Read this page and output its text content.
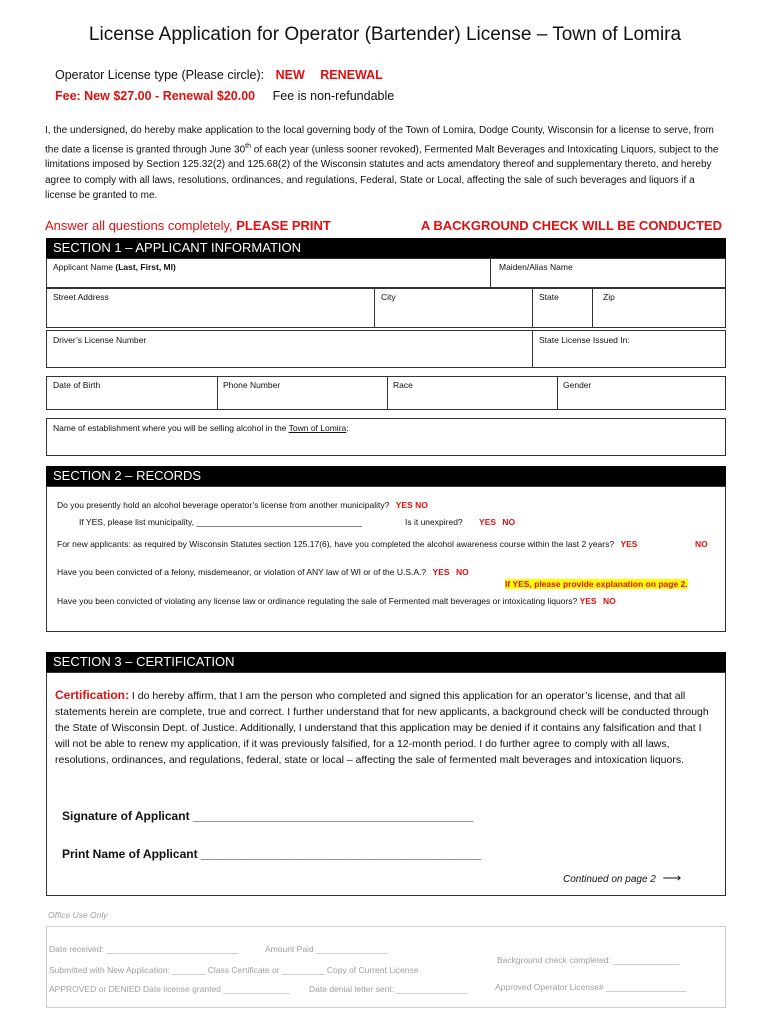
License Application for Operator (Bartender) License – Town of Lomira
Operator License type (Please circle): NEW RENEWAL
Fee: New $27.00 - Renewal $20.00 Fee is non-refundable
I, the undersigned, do hereby make application to the local governing body of the Town of Lomira, Dodge County, Wisconsin for a license to serve, from the date a license is granted through June 30th of each year (unless sooner revoked), Fermented Malt Beverages and Intoxicating Liquors, subject to the limitations imposed by Section 125.32(2) and 125.68(2) of the Wisconsin statutes and acts amendatory thereof and supplementary thereto, and hereby agree to comply with all laws, resolutions, ordinances, and regulations, Federal, State or Local, affecting the sale of such beverages and liquors if a license be granted to me.
Answer all questions completely, PLEASE PRINT	A BACKGROUND CHECK WILL BE CONDUCTED
SECTION 1 – APPLICANT INFORMATION
Applicant Name (Last, First, MI)	Maiden/Alias Name
Street Address	City	State	Zip
Driver’s License Number	State License Issued In:
Date of Birth	Phone Number	Race	Gender
Name of establishment where you will be selling alcohol in the Town of Lomira:
SECTION 2 – RECORDS
Do you presently hold an alcohol beverage operator’s license from another municipality? YES NO
If YES, please list municipality, ___________________________________	Is it unexpired? YES NO
For new applicants: as required by Wisconsin Statutes section 125.17(6), have you completed the alcohol awareness course within the last 2 years? YES	NO
Have you been convicted of a felony, misdemeanor, or violation of ANY law of WI or of the U.S.A.? YES NO
If YES, please provide explanation on page 2.
Have you been convicted of violating any license law or ordinance regulating the sale of Fermented malt beverages or intoxicating liquors? YES NO
SECTION 3 – CERTIFICATION
Certification: I do hereby affirm, that I am the person who completed and signed this application for an operator’s license, and that all statements herein are complete, true and correct. I further understand that for new applicants, a background check will be conducted through the State of Wisconsin Dept. of Justice. Additionally, I understand that this application may be denied if it contains any falsification and that I will not be able to renew my application, if it was previously falsified, for a 12-month period. I do further agree to comply with all laws, resolutions, ordinances, and regulations, federal, state or local – affecting the sale of fermented malt beverages and intoxication liquors.
Signature of Applicant __________________________________________
Print Name of Applicant __________________________________________
Continued on page 2 ⟶
Office Use Only
Date received: ____________________________	Amount Paid _______________
Background check completed: ______________
Submitted with New Application: _______ Class Certificate or _________ Copy of Current License
APPROVED or DENIED Date license granted ______________ Date denial letter sent: _______________	Approved Operator License# _________________
